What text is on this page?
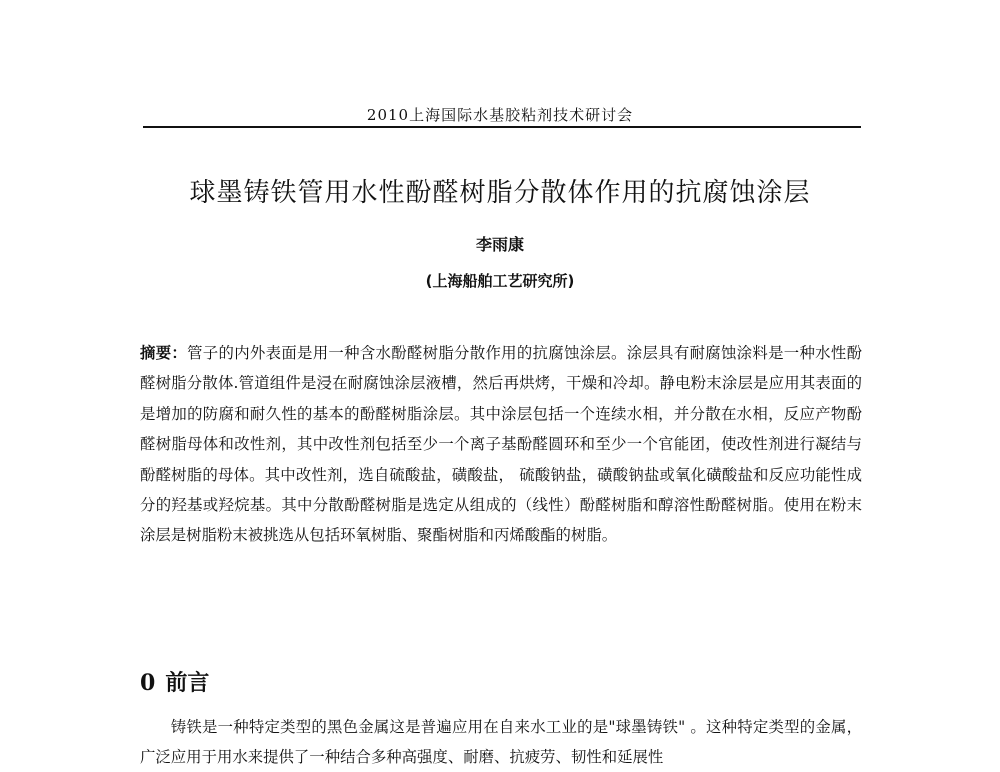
2010上海国际水基胶粘剂技术研讨会
球墨铸铁管用水性酚醛树脂分散体作用的抗腐蚀涂层
李雨康
(上海船舶工艺研究所)
摘要：管子的内外表面是用一种含水酚醛树脂分散作用的抗腐蚀涂层。涂层具有耐腐蚀涂料是一种水性酚醛树脂分散体.管道组件是浸在耐腐蚀涂层液槽，然后再烘烤，干燥和冷却。静电粉末涂层是应用其表面的是增加的防腐和耐久性的基本的酚醛树脂涂层。其中涂层包括一个连续水相，并分散在水相，反应产物酚醛树脂母体和改性剂，其中改性剂包括至少一个离子基酚醛圆环和至少一个官能团，使改性剂进行凝结与酚醛树脂的母体。其中改性剂，选自硫酸盐，磺酸盐， 硫酸钠盐，磺酸钠盐或氧化磺酸盐和反应功能性成分的羟基或羟烷基。其中分散酚醛树脂是选定从组成的（线性）酚醛树脂和醇溶性酚醛树脂。使用在粉末涂层是树脂粉末被挑选从包括环氧树脂、聚酯树脂和丙烯酸酯的树脂。
0 前言
铸铁是一种特定类型的黑色金属这是普遍应用在自来水工业的是"球墨铸铁" 。这种特定类型的金属，广泛应用于用水来提供了一种结合多种高强度、耐磨、抗疲劳、韧性和延展性
